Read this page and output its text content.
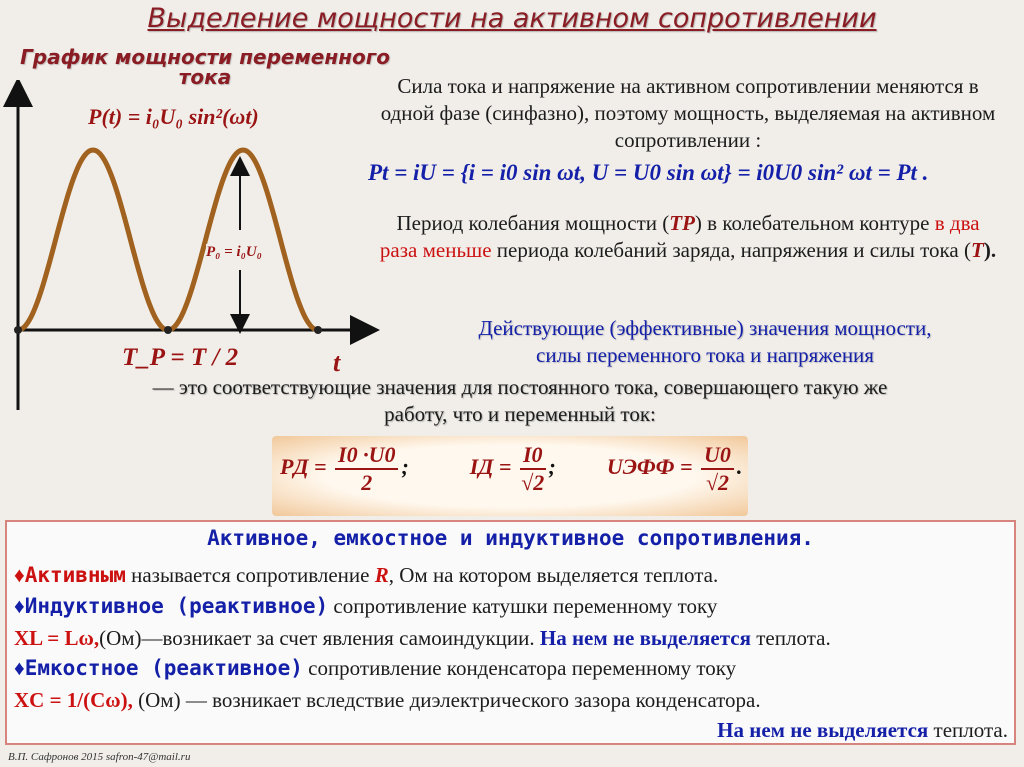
Выделение мощности на активном сопротивлении
График мощности переменного
тока
P(t) = i₀U₀ sin²(ωt)
P₀ = i₀U₀
T_P = T / 2	t
Сила тока и напряжение на активном сопротивлении меняются в одной фазе (синфазно), поэтому мощность, выделяемая на активном сопротивлении :
Pt = iU = {i = i0 sin ωt, U = U0 sin ωt} = i0U0 sin² ωt = Pt .
Период колебания мощности (TP) в колебательном контуре в два раза меньше периода колебаний заряда, напряжения и силы тока (T).
Действующие (эффективные) значения мощности,
силы переменного тока и напряжения
— это соответствующие значения для постоянного тока, совершающего такую же
работу, что и переменный ток:
PД = $\frac{I0 \cdot U0}{2}$ ;	IД = $\frac{I0}{√2}$ ; UЭФФ = $\frac{U0}{√2}$ .
Активное, емкостное и индуктивное сопротивления.
♦Активным называется сопротивление R, Ом на котором выделяется теплота.
♦Индуктивное (реактивное) сопротивление катушки переменному току
XL = Lω,(Ом)—возникает за счет явления самоиндукции. На нем не выделяется теплота.
♦Емкостное (реактивное) сопротивление конденсатора переменному току
XC = 1/(Cω), (Ом) — возникает вследствие диэлектрического зазора конденсатора.
На нем не выделяется теплота.
В.П. Сафронов 2015 safron-47@mail.ru
